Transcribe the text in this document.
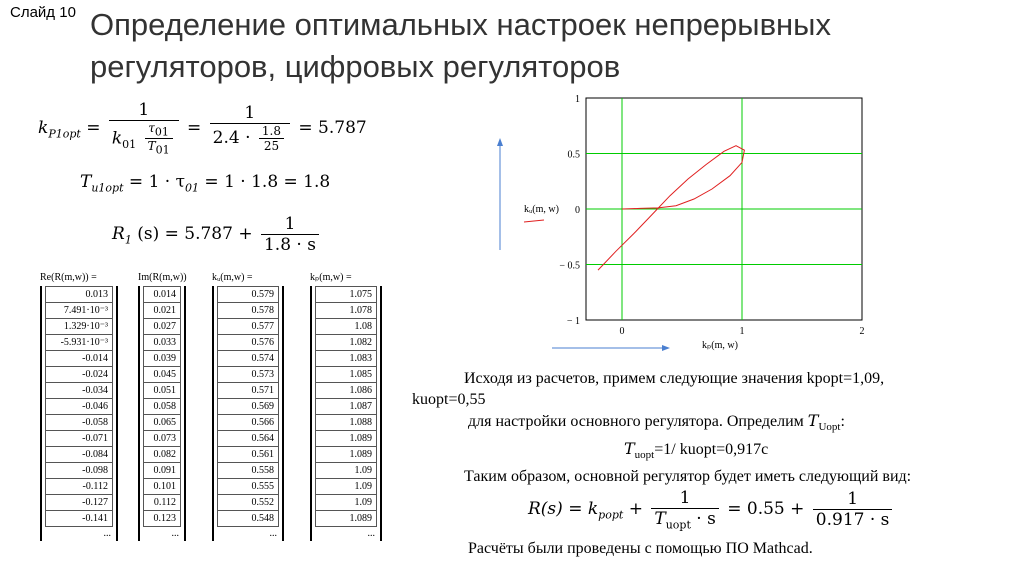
Слайд 10 Определение оптимальных настроек непрерывных регуляторов, цифровых регуляторов
$k_{P1opt} = \frac{1}{k_{01} \frac{\tau 01}{T01}} = \frac{1}{2.4 \cdot \frac{1.8}{25}} = 5.787$
$T_{u1opt} = 1 \cdot \tau_{01} = 1 \cdot 1.8 = 1.8$
$R_1$ $(s) = 5.787 + \frac{1}{1.8 \cdot s}$
Re(R(m,w)) =
0.013
7.491·10⁻³
1.329·10⁻³
-5.931·10⁻³
-0.014
-0.024
-0.034
-0.046
-0.058
-0.071
-0.084
-0.098
-0.112
-0.127
-0.141
...
Im(R(m,w))
0.014
0.021
0.027
0.033
0.039
0.045
0.051
0.058
0.065
0.073
0.082
0.091
0.101
0.112
0.123
...
kᵤ(m,w) =
0.579
0.578
0.577
0.576
0.574
0.573
0.571
0.569
0.566
0.564
0.561
0.558
0.555
0.552
0.548
...
kₚ(m,w) =
1.075
1.078
1.08
1.082
1.083
1.085
1.086
1.087
1.088
1.089
1.089
1.09
1.09
1.09
1.089
...
1
0.5
0
− 0.5
− 1
0	1	2
kᵤ(m, w)
kₚ(m, w)
Исходя из расчетов, примем следующие значения kpopt=1,09,
kuopt=0,55
для настройки основного регулятора. Определим $T_{Uopt}$:
$T_{uopt}=1/$ kuopt=0,917c
Таким образом, основной регулятор будет иметь следующий вид:
$R(s) = k_{popt} + \frac{1}{T_{uopt} \cdot s} = 0.55 + \frac{1}{0.917 \cdot s}$
Расчёты были проведены с помощью ПО Mathcad.
